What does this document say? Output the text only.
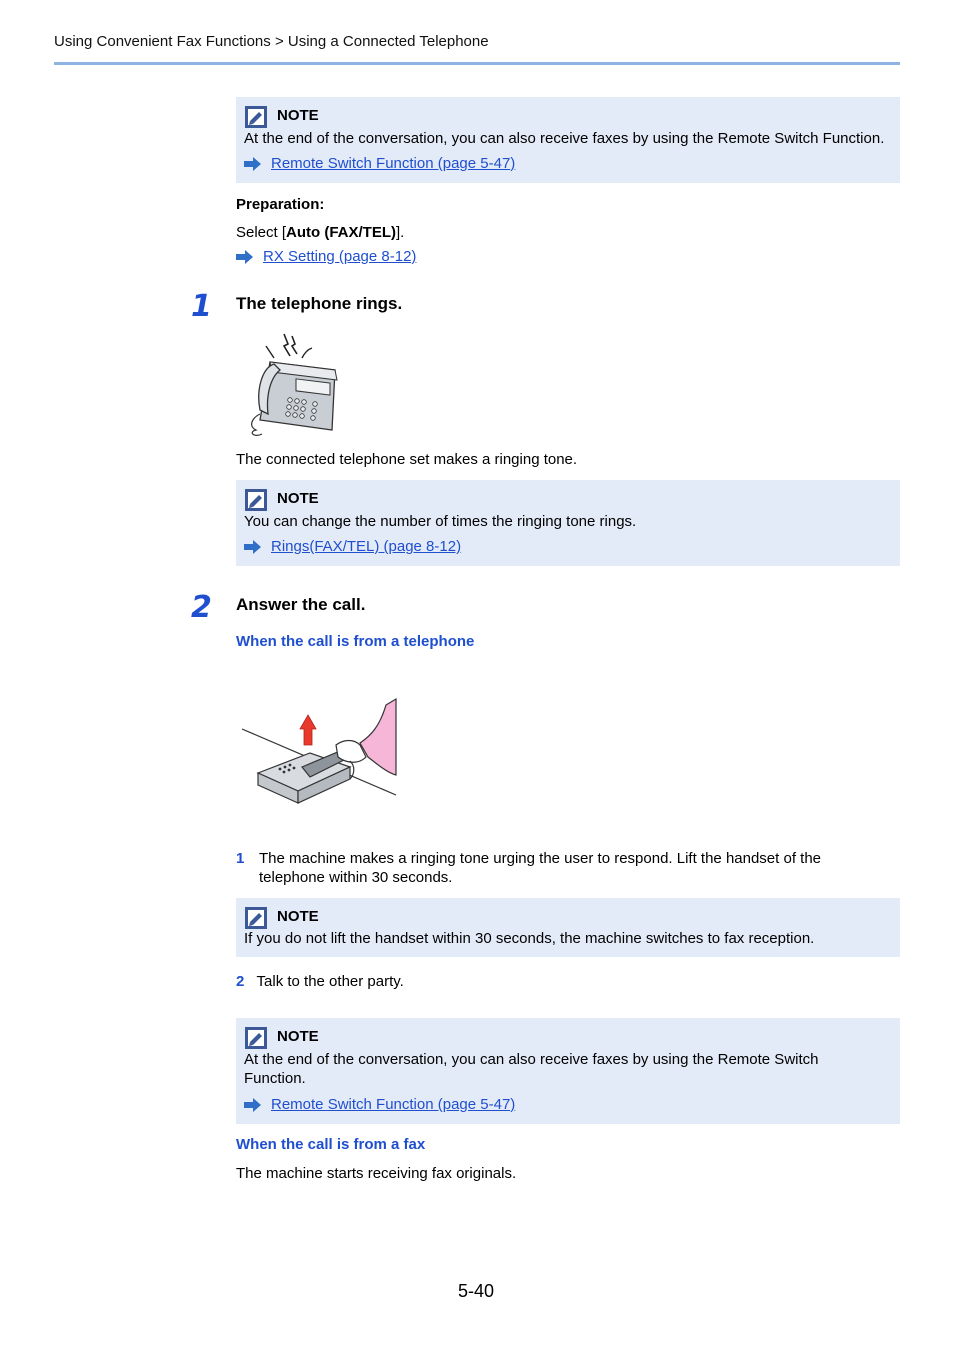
Using Convenient Fax Functions > Using a Connected Telephone
NOTE
At the end of the conversation, you can also receive faxes by using the Remote Switch Function.
Remote Switch Function (page 5-47)
Preparation:
Select [Auto (FAX/TEL)].
RX Setting (page 8-12)
1 The telephone rings.
The connected telephone set makes a ringing tone.
NOTE
You can change the number of times the ringing tone rings.
Rings(FAX/TEL) (page 8-12)
2 Answer the call.
When the call is from a telephone
1 The machine makes a ringing tone urging the user to respond. Lift the handset of the telephone within 30 seconds.
NOTE
If you do not lift the handset within 30 seconds, the machine switches to fax reception.
2 Talk to the other party.
NOTE
At the end of the conversation, you can also receive faxes by using the Remote Switch Function.
Remote Switch Function (page 5-47)
When the call is from a fax
The machine starts receiving fax originals.
5-40
